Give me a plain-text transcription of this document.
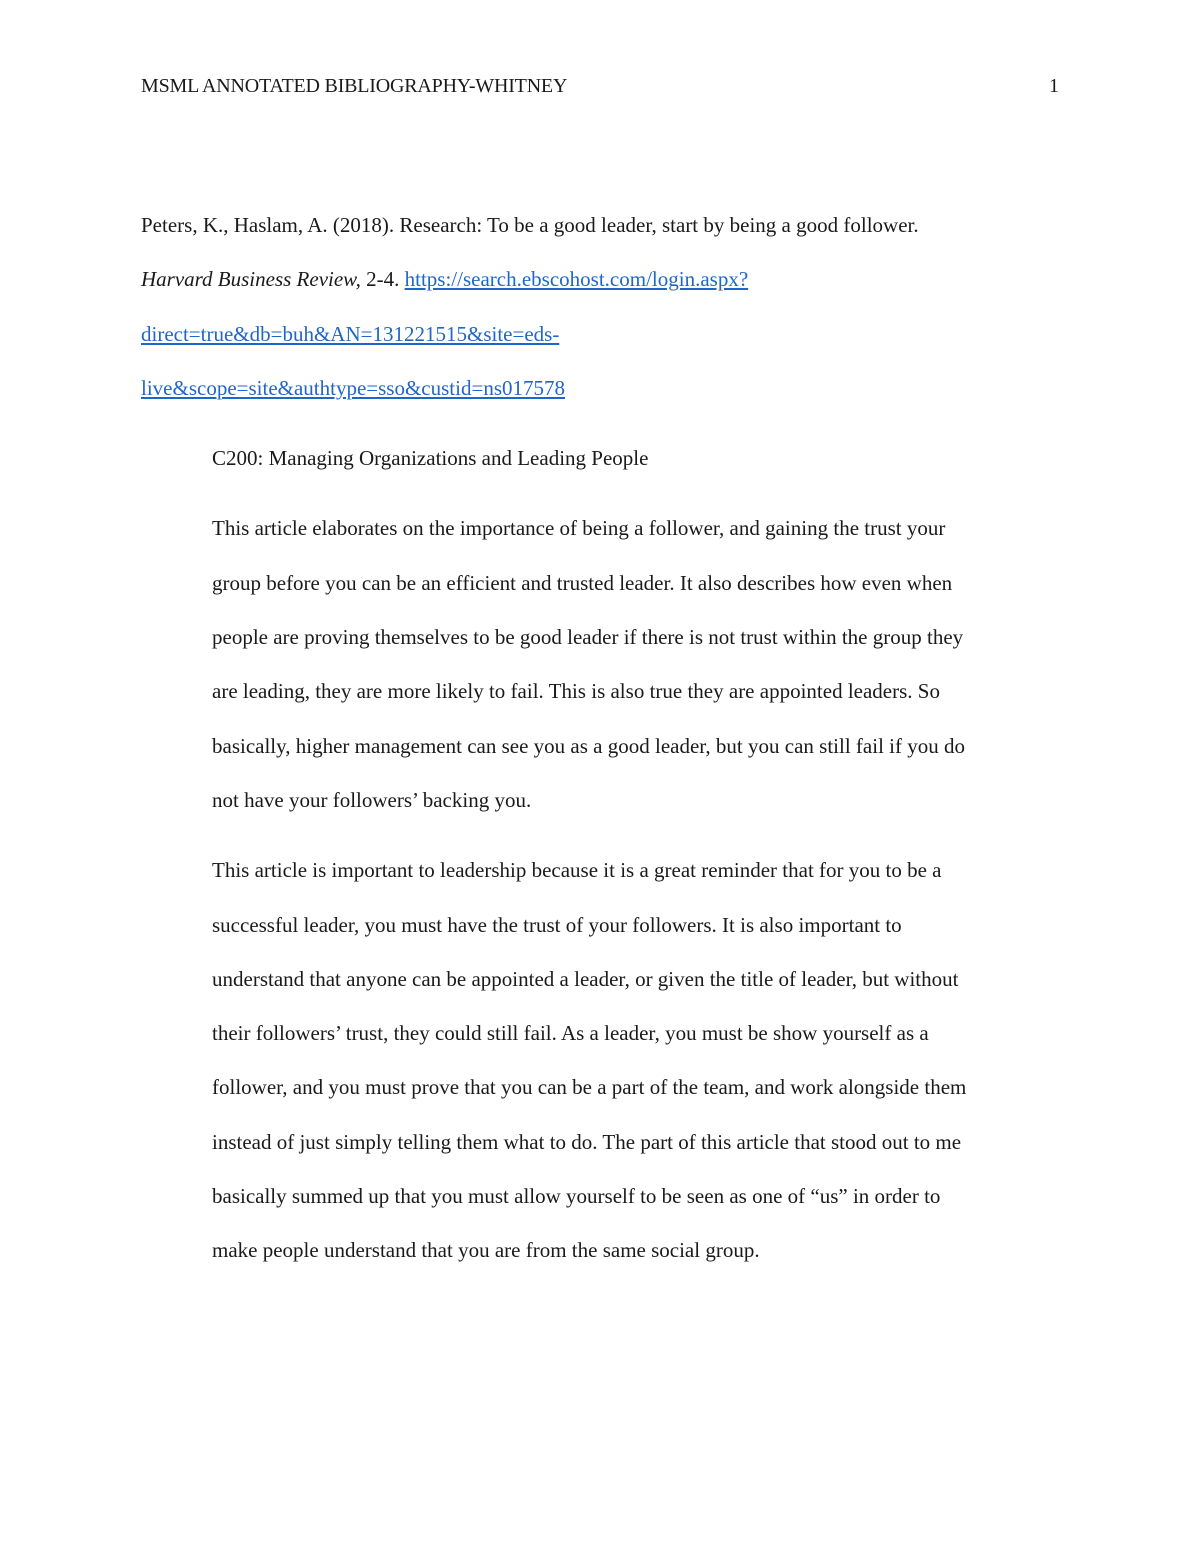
MSML ANNOTATED BIBLIOGRAPHY-WHITNEY	1

Peters, K., Haslam, A. (2018). Research: To be a good leader, start by being a good follower.
Harvard Business Review, 2-4. https://search.ebscohost.com/login.aspx?
direct=true&db=buh&AN=131221515&site=eds-
live&scope=site&authtype=sso&custid=ns017578

C200: Managing Organizations and Leading People

This article elaborates on the importance of being a follower, and gaining the trust your
group before you can be an efficient and trusted leader. It also describes how even when
people are proving themselves to be good leader if there is not trust within the group they
are leading, they are more likely to fail. This is also true they are appointed leaders. So
basically, higher management can see you as a good leader, but you can still fail if you do
not have your followers’ backing you.

This article is important to leadership because it is a great reminder that for you to be a
successful leader, you must have the trust of your followers. It is also important to
understand that anyone can be appointed a leader, or given the title of leader, but without
their followers’ trust, they could still fail. As a leader, you must be show yourself as a
follower, and you must prove that you can be a part of the team, and work alongside them
instead of just simply telling them what to do. The part of this article that stood out to me
basically summed up that you must allow yourself to be seen as one of “us” in order to
make people understand that you are from the same social group.
